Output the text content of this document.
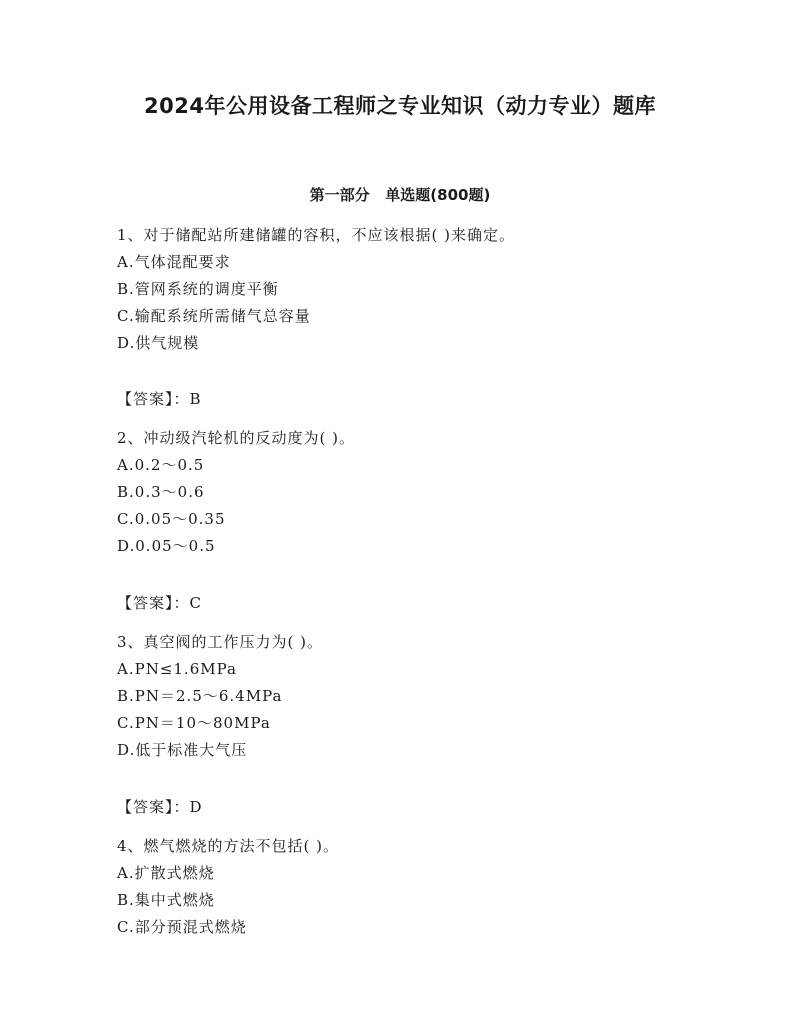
2024年公用设备工程师之专业知识（动力专业）题库
第一部分   单选题(800题)
1、对于储配站所建储罐的容积，不应该根据( )来确定。
A.气体混配要求
B.管网系统的调度平衡
C.输配系统所需储气总容量
D.供气规模
【答案】：B
2、冲动级汽轮机的反动度为( )。
A.0.2～0.5
B.0.3～0.6
C.0.05～0.35
D.0.05～0.5
【答案】：C
3、真空阀的工作压力为( )。
A.PN≤1.6MPa
B.PN＝2.5～6.4MPa
C.PN＝10～80MPa
D.低于标准大气压
【答案】：D
4、燃气燃烧的方法不包括( )。
A.扩散式燃烧
B.集中式燃烧
C.部分预混式燃烧
